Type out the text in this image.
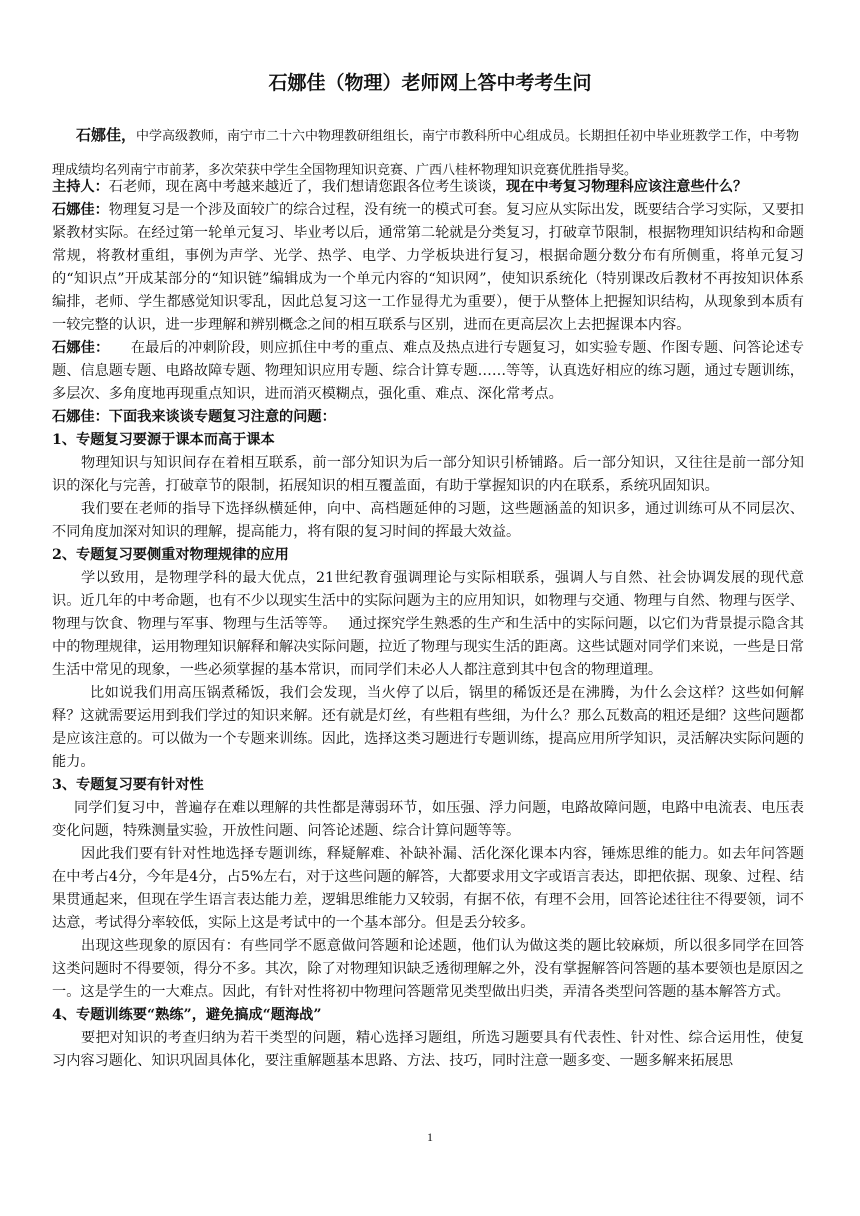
石娜佳（物理）老师网上答中考考生问
石娜佳，中学高级教师，南宁市二十六中物理教研组组长，南宁市教科所中心组成员。长期担任初中毕业班教学工作，中考物理成绩均名列南宁市前茅，多次荣获中学生全国物理知识竞赛、广西八桂杯物理知识竞赛优胜指导奖。

主持人：石老师，现在离中考越来越近了，我们想请您跟各位考生谈谈，现在中考复习物理科应该注意些什么？

石娜佳：物理复习是一个涉及面较广的综合过程，没有统一的模式可套。复习应从实际出发，既要结合学习实际，又要扣紧教材实际。在经过第一轮单元复习、毕业考以后，通常第二轮就是分类复习，打破章节限制，根据物理知识结构和命题常规，将教材重组，事例为声学、光学、热学、电学、力学板块进行复习，根据命题分数分布有所侧重，将单元复习的“知识点”开成某部分的“知识链”编辑成为一个单元内容的“知识网”，使知识系统化（特别课改后教材不再按知识体系编排，老师、学生都感觉知识零乱，因此总复习这一工作显得尤为重要），便于从整体上把握知识结构，从现象到本质有一较完整的认识，进一步理解和辨别概念之间的相互联系与区别，进而在更高层次上去把握课本内容。

石娜佳：　　 在最后的冲刺阶段，则应抓住中考的重点、难点及热点进行专题复习，如实验专题、作图专题、问答论述专题、信息题专题、电路故障专题、物理知识应用专题、综合计算专题……等等，认真选好相应的练习题，通过专题训练，多层次、多角度地再现重点知识，进而消灭模糊点，强化重、难点、深化常考点。

石娜佳：下面我来谈谈专题复习注意的问题：

1、专题复习要源于课本而高于课本

物理知识与知识间存在着相互联系，前一部分知识为后一部分知识引桥铺路。后一部分知识，又往往是前一部分知识的深化与完善，打破章节的限制，拓展知识的相互覆盖面，有助于掌握知识的内在联系，系统巩固知识。

我们要在老师的指导下选择纵横延伸，向中、高档题延伸的习题，这些题涵盖的知识多，通过训练可从不同层次、不同角度加深对知识的理解，提高能力，将有限的复习时间的挥最大效益。

2、专题复习要侧重对物理规律的应用

学以致用，是物理学科的最大优点，21世纪教育强调理论与实际相联系，强调人与自然、社会协调发展的现代意识。近几年的中考命题，也有不少以现实生活中的实际问题为主的应用知识，如物理与交通、物理与自然、物理与医学、物理与饮食、物理与军事、物理与生活等等。　 通过探究学生熟悉的生产和生活中的实际问题，以它们为背景提示隐含其中的物理规律，运用物理知识解释和解决实际问题，拉近了物理与现实生活的距离。这些试题对同学们来说，一些是日常生活中常见的现象，一些必须掌握的基本常识，而同学们未必人人都注意到其中包含的物理道理。

比如说我们用高压锅煮稀饭，我们会发现，当火停了以后，锅里的稀饭还是在沸腾，为什么会这样？这些如何解释？这就需要运用到我们学过的知识来解。还有就是灯丝，有些粗有些细，为什么？那么瓦数高的粗还是细？这些问题都是应该注意的。可以做为一个专题来训练。因此，选择这类习题进行专题训练，提高应用所学知识，灵活解决实际问题的能力。

3、专题复习要有针对性

同学们复习中，普遍存在难以理解的共性都是薄弱环节，如压强、浮力问题，电路故障问题，电路中电流表、电压表变化问题，特殊测量实验，开放性问题、问答论述题、综合计算问题等等。

因此我们要有针对性地选择专题训练，释疑解难、补缺补漏、活化深化课本内容，锤炼思维的能力。如去年问答题在中考占4分，今年是4分，占5%左右，对于这些问题的解答，大都要求用文字或语言表达，即把依据、现象、过程、结果贯通起来，但现在学生语言表达能力差，逻辑思维能力又较弱，有据不依，有理不会用，回答论述往往不得要领，词不达意，考试得分率较低，实际上这是考试中的一个基本部分。但是丢分较多。

出现这些现象的原因有：有些同学不愿意做问答题和论述题，他们认为做这类的题比较麻烦，所以很多同学在回答这类问题时不得要领，得分不多。其次，除了对物理知识缺乏透彻理解之外，没有掌握解答问答题的基本要领也是原因之一。这是学生的一大难点。因此，有针对性将初中物理问答题常见类型做出归类，弄清各类型问答题的基本解答方式。

4、专题训练要“熟练”，避免搞成“题海战”

要把对知识的考查归纳为若干类型的问题，精心选择习题组，所选习题要具有代表性、针对性、综合运用性，使复习内容习题化、知识巩固具体化，要注重解题基本思路、方法、技巧，同时注意一题多变、一题多解来拓展思

1
